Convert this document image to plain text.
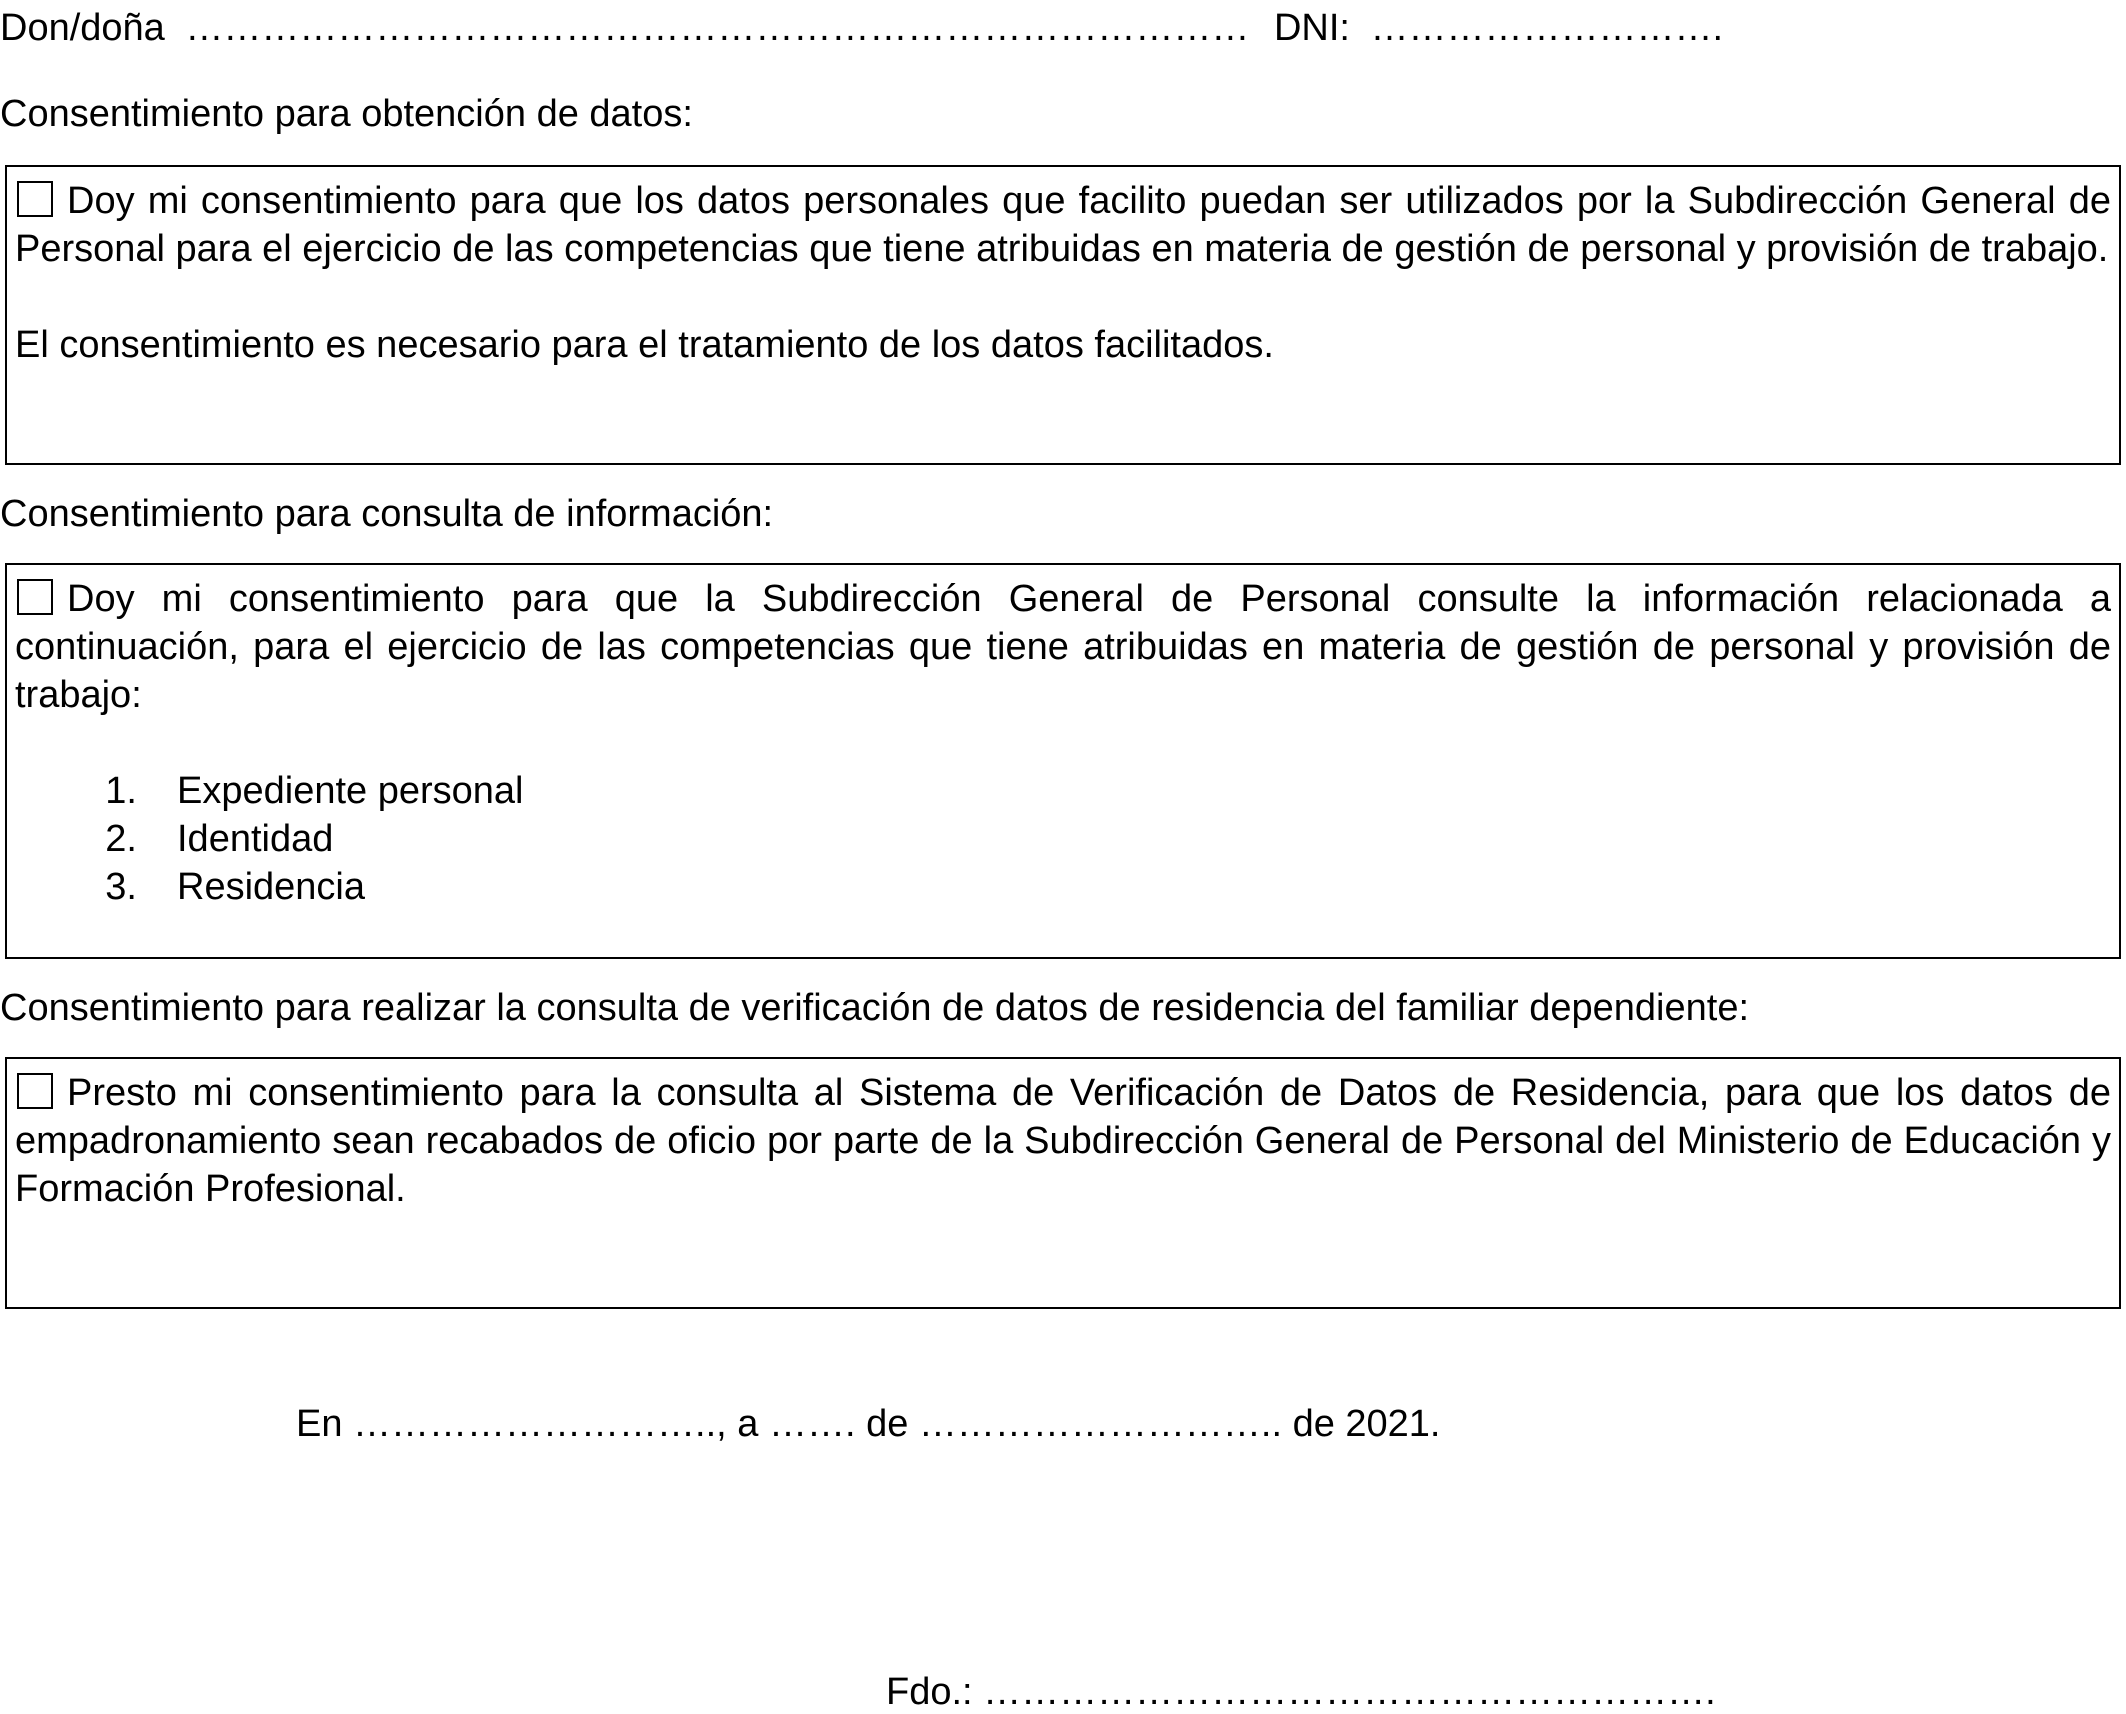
Don/doña ………………………………………………………………………… DNI: ……………………….
Consentimiento para obtención de datos:

Doy mi consentimiento para que los datos personales que facilito puedan ser utilizados por la Subdirección General de Personal para el ejercicio de las competencias que tiene atribuidas en materia de gestión de personal y provisión de trabajo.

El consentimiento es necesario para el tratamiento de los datos facilitados.

Consentimiento para consulta de información:

Doy mi consentimiento para que la Subdirección General de Personal consulte la información relacionada a continuación, para el ejercicio de las competencias que tiene atribuidas en materia de gestión de personal y provisión de trabajo:

1. Expediente personal
2. Identidad
3. Residencia
Consentimiento para realizar la consulta de verificación de datos de residencia del familiar dependiente:

Presto mi consentimiento para la consulta al Sistema de Verificación de Datos de Residencia, para que los datos de empadronamiento sean recabados de oficio por parte de la Subdirección General de Personal del Ministerio de Educación y Formación Profesional.

En ……………………….., a ……. de ……………………….. de 2021.
Fdo.: ………………………………………………….
